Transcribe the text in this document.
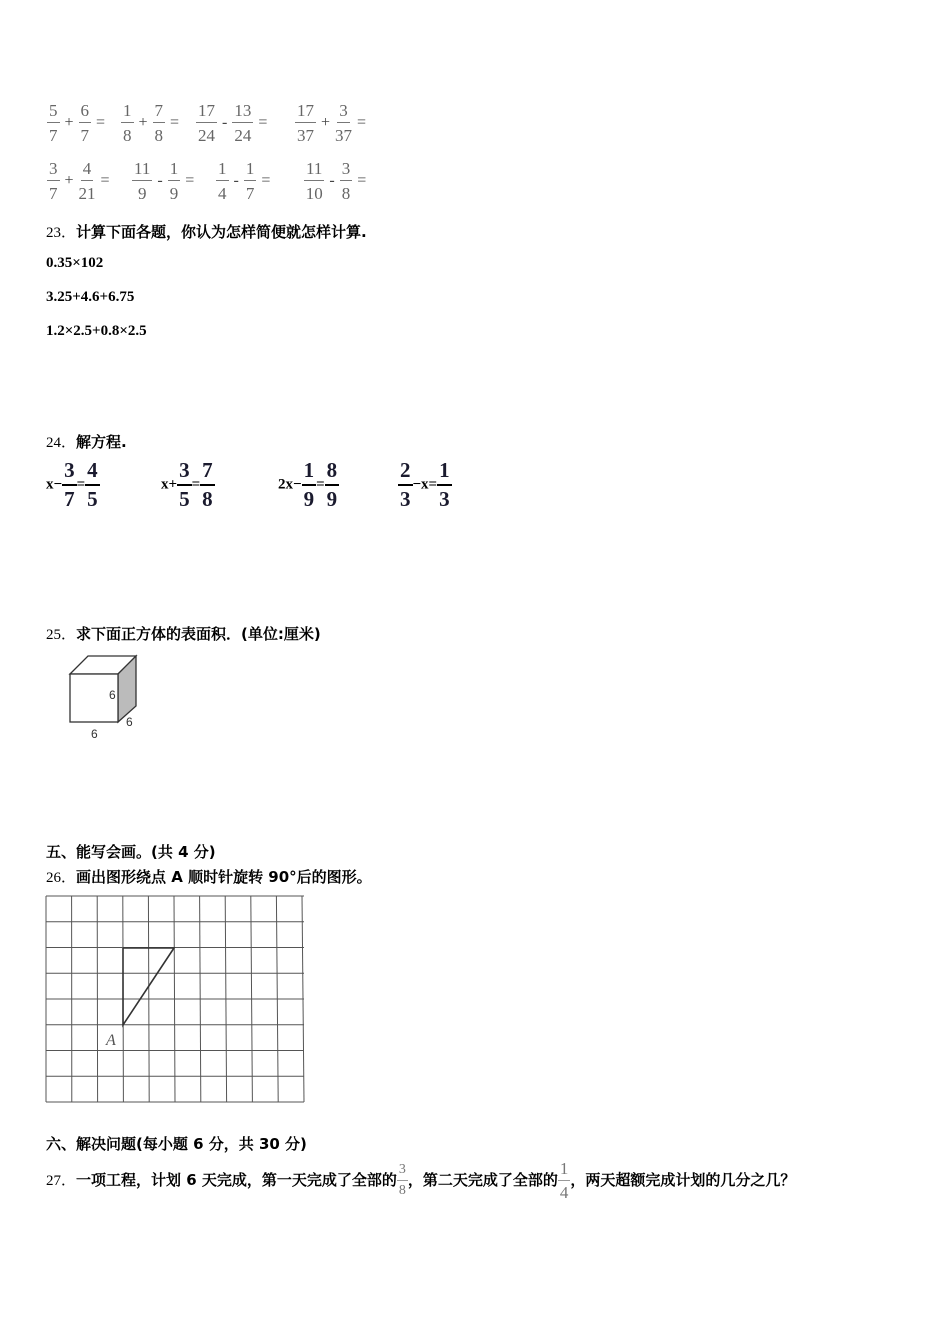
$\frac{5}{7} + \frac{6}{7} = \frac{1}{8} + \frac{7}{8} = \frac{17}{24} - \frac{13}{24} = \frac{17}{37} + \frac{3}{37}$ =
$\frac{3}{7} + \frac{4}{21} = \frac{11}{9} - \frac{1}{9} = \frac{1}{4} - \frac{1}{7} = \frac{11}{10} - \frac{3}{8}$ =
23．计算下面各题，你认为怎样简便就怎样计算.
0.35×102
3.25+4.6+6.75
1.2×2.5+0.8×2.5
24．解方程.
$x- \frac{3}{7} = \frac{4}{5}$	$x+ \frac{3}{5} = \frac{7}{8}$	$2x- \frac{1}{9} = \frac{8}{9}$	$\frac{2}{3} -x= \frac{1}{3}$
25．求下面正方体的表面积．(单位:厘米)
6
6
6
五、能写会画。(共 4 分)
26．画出图形绕点 A 顺时针旋转 90°后的图形。
A
六、解决问题(每小题 6 分，共 30 分)
27．一项工程，计划 6 天完成，第一天完成了全部的 $\frac{3}{8}$ ，第二天完成了全部的 $\frac{1}{4}$ ，两天超额完成计划的几分之几？
